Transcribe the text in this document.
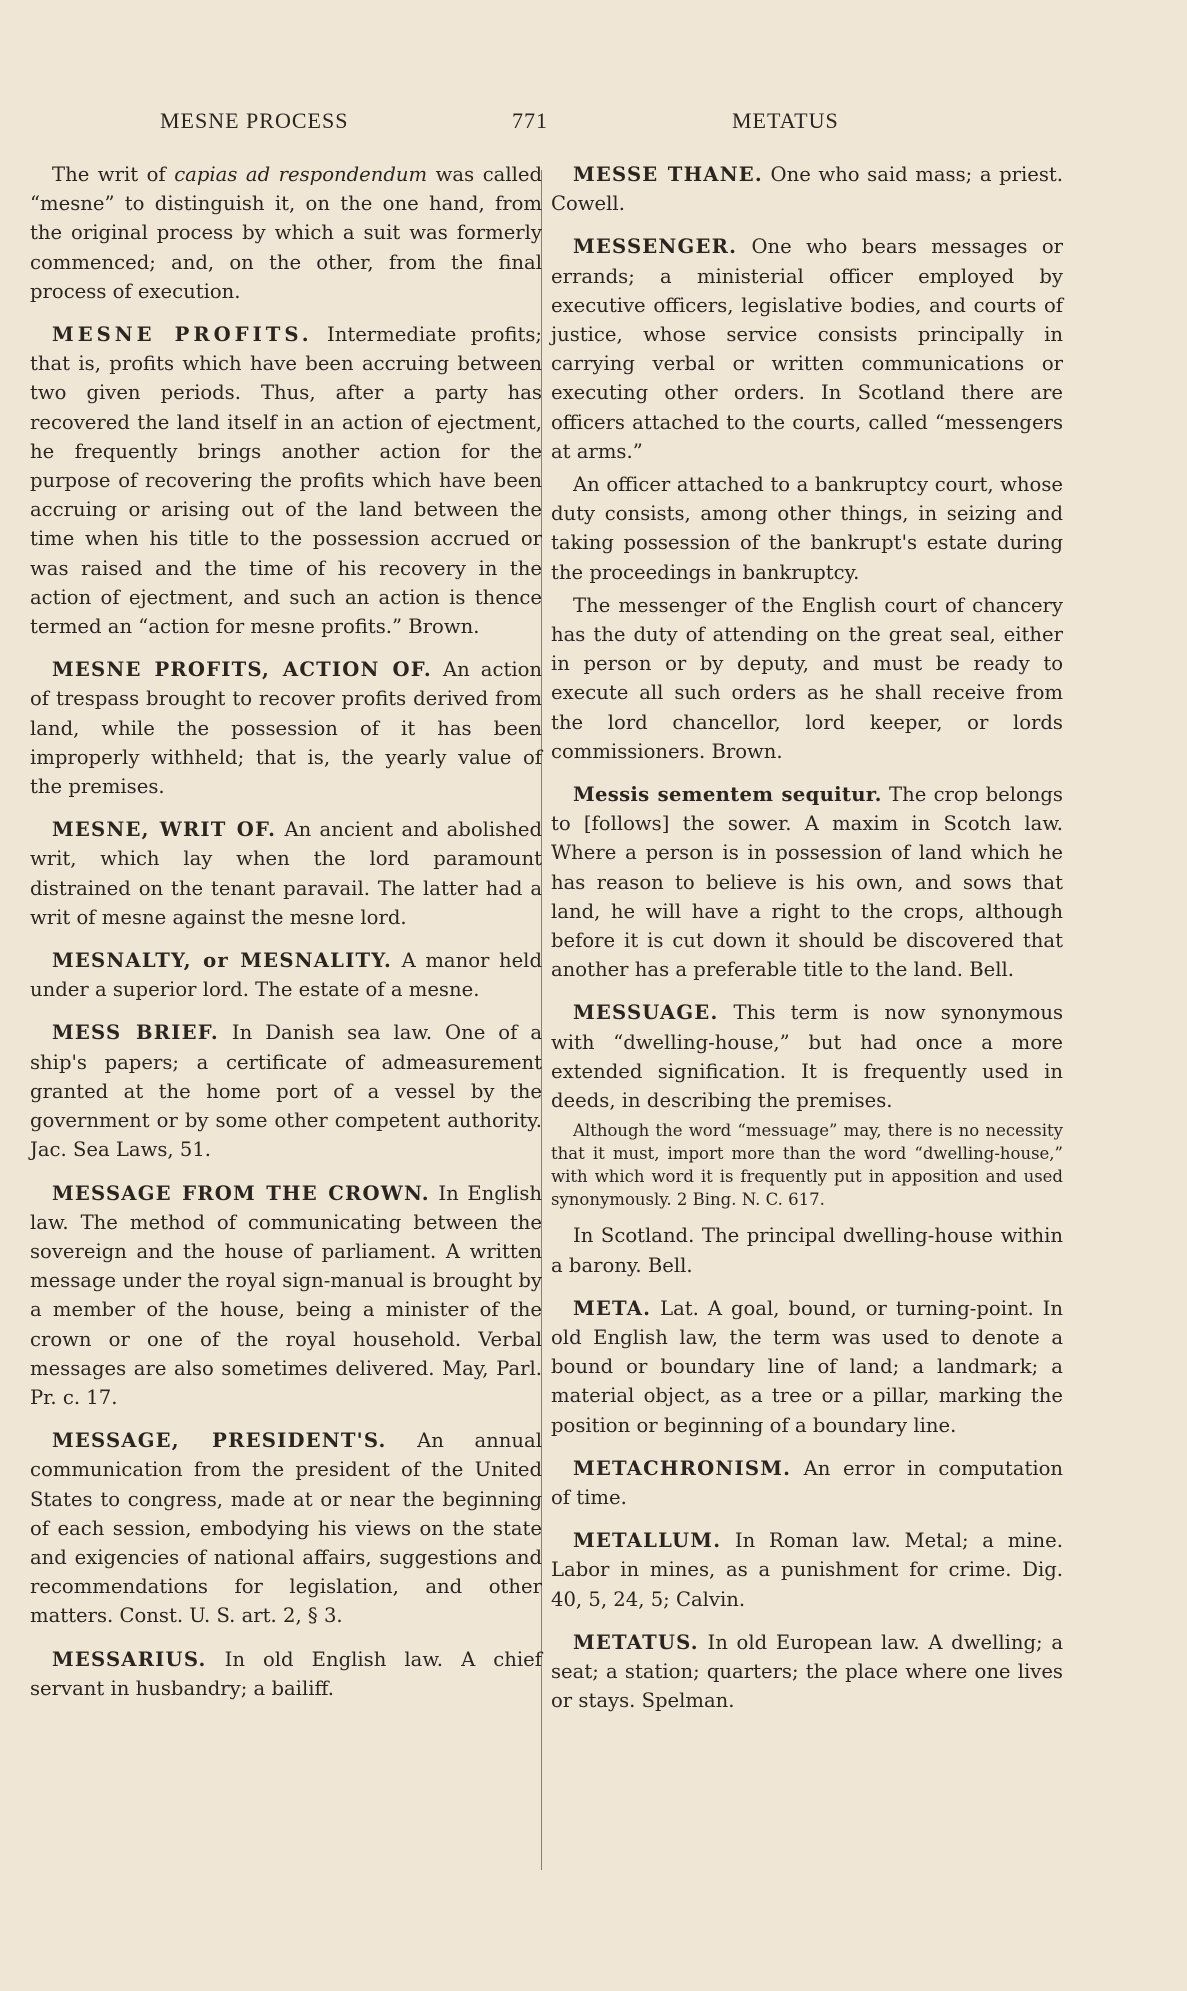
MESNE PROCESS	771	METATUS

The writ of capias ad respondendum was called “mesne” to distinguish it, on the one hand, from the original process by which a suit was formerly commenced; and, on the other, from the final process of execution.

MESNE PROFITS. Intermediate profits; that is, profits which have been accruing between two given periods. Thus, after a party has recovered the land itself in an action of ejectment, he frequently brings another action for the purpose of recovering the profits which have been accruing or arising out of the land between the time when his title to the possession accrued or was raised and the time of his recovery in the action of ejectment, and such an action is thence termed an “action for mesne profits.” Brown.

MESNE PROFITS, ACTION OF. An action of trespass brought to recover profits derived from land, while the possession of it has been improperly withheld; that is, the yearly value of the premises.

MESNE, WRIT OF. An ancient and abolished writ, which lay when the lord paramount distrained on the tenant paravail. The latter had a writ of mesne against the mesne lord.

MESNALTY, or MESNALITY. A manor held under a superior lord. The estate of a mesne.

MESS BRIEF. In Danish sea law. One of a ship's papers; a certificate of admeasurement granted at the home port of a vessel by the government or by some other competent authority. Jac. Sea Laws, 51.

MESSAGE FROM THE CROWN. In English law. The method of communicating between the sovereign and the house of parliament. A written message under the royal sign-manual is brought by a member of the house, being a minister of the crown or one of the royal household. Verbal messages are also sometimes delivered. May, Parl. Pr. c. 17.

MESSAGE, PRESIDENT'S. An annual communication from the president of the United States to congress, made at or near the beginning of each session, embodying his views on the state and exigencies of national affairs, suggestions and recommendations for legislation, and other matters. Const. U. S. art. 2, § 3.

MESSARIUS. In old English law. A chief servant in husbandry; a bailiff.

MESSE THANE. One who said mass; a priest. Cowell.

MESSENGER. One who bears messages or errands; a ministerial officer employed by executive officers, legislative bodies, and courts of justice, whose service consists principally in carrying verbal or written communications or executing other orders. In Scotland there are officers attached to the courts, called “messengers at arms.”

An officer attached to a bankruptcy court, whose duty consists, among other things, in seizing and taking possession of the bankrupt's estate during the proceedings in bankruptcy.

The messenger of the English court of chancery has the duty of attending on the great seal, either in person or by deputy, and must be ready to execute all such orders as he shall receive from the lord chancellor, lord keeper, or lords commissioners. Brown.

Messis sementem sequitur. The crop belongs to [follows] the sower. A maxim in Scotch law. Where a person is in possession of land which he has reason to believe is his own, and sows that land, he will have a right to the crops, although before it is cut down it should be discovered that another has a preferable title to the land. Bell.

MESSUAGE. This term is now synonymous with “dwelling-house,” but had once a more extended signification. It is frequently used in deeds, in describing the premises.

Although the word “messuage” may, there is no necessity that it must, import more than the word “dwelling-house,” with which word it is frequently put in apposition and used synonymously. 2 Bing. N. C. 617.

In Scotland. The principal dwelling-house within a barony. Bell.

META. Lat. A goal, bound, or turning-point. In old English law, the term was used to denote a bound or boundary line of land; a landmark; a material object, as a tree or a pillar, marking the position or beginning of a boundary line.

METACHRONISM. An error in computation of time.

METALLUM. In Roman law. Metal; a mine. Labor in mines, as a punishment for crime. Dig. 40, 5, 24, 5; Calvin.

METATUS. In old European law. A dwelling; a seat; a station; quarters; the place where one lives or stays. Spelman.
